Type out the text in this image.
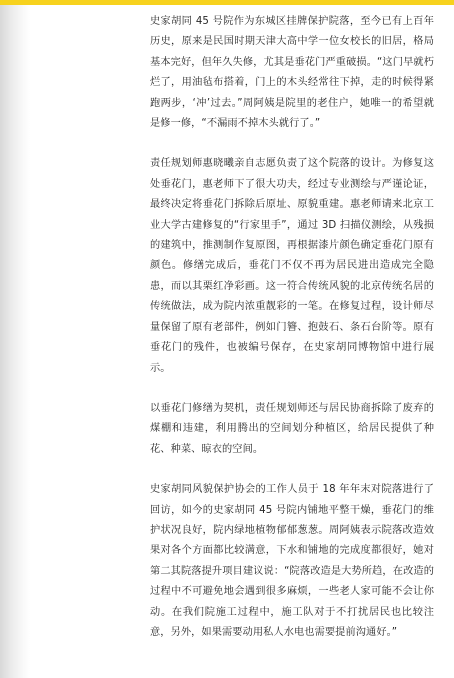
史家胡同 45 号院作为东城区挂牌保护院落，至今已有上百年历史，原来是民国时期天津大高中学一位女校长的旧居，格局基本完好，但年久失修，尤其是垂花门严重破损。“这门早就朽烂了，用油毡布搭着，门上的木头经常往下掉，走的时候得紧跑两步，‘冲’过去。”周阿姨是院里的老住户，她唯一的希望就是修一修，“不漏雨不掉木头就行了。”

责任规划师惠晓曦亲自志愿负责了这个院落的设计。为修复这处垂花门，惠老师下了很大功夫，经过专业测绘与严谨论证，最终决定将垂花门拆除后原址、原貌重建。惠老师请来北京工业大学古建修复的“行家里手”，通过 3D 扫描仪测绘，从残损的建筑中，推测制作复原图，再根据漆片颜色确定垂花门原有颜色。修缮完成后，垂花门不仅不再为居民进出造成完全隐患，而以其栗红净彩画。这一符合传统风貌的北京传统名居的传统做法，成为院内浓重靓彩的一笔。在修复过程，设计师尽量保留了原有老部件，例如门簪、抱鼓石、条石台阶等。原有垂花门的残件，也被编号保存，在史家胡同博物馆中进行展示。

以垂花门修缮为契机，责任规划师还与居民协商拆除了废弃的煤棚和违建，利用腾出的空间划分种植区，给居民提供了种花、种菜、晾衣的空间。

史家胡同风貌保护协会的工作人员于 18 年年末对院落进行了回访，如今的史家胡同 45 号院内铺地平整干燥，垂花门的维护状况良好，院内绿地植物郁郁葱葱。周阿姨表示院落改造效果对各个方面都比较满意，下水和铺地的完成度都很好，她对第二其院落提升项目建议说：“院落改造是大势所趋，在改造的过程中不可避免地会遇到很多麻烦，一些老人家可能不会让你动。在我们院施工过程中，施工队对于不打扰居民也比较注意，另外，如果需要动用私人水电也需要提前沟通好。”
